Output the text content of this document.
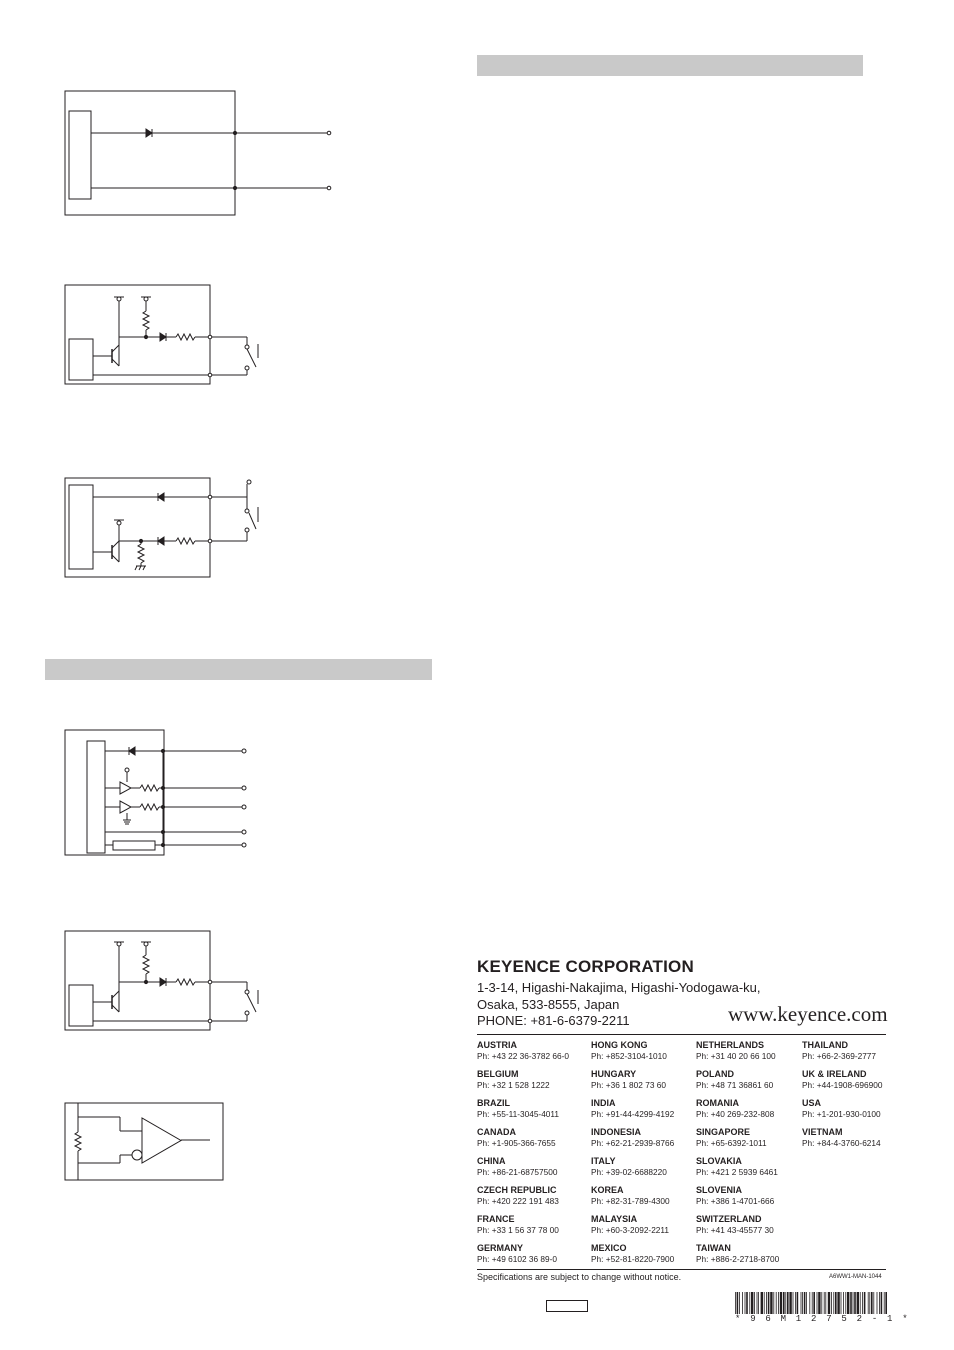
KEYENCE CORPORATION
1-3-14, Higashi-Nakajima, Higashi-Yodogawa-ku,
Osaka, 533-8555, Japan
PHONE: +81-6-6379-2211	www.keyence.com
AUSTRIA
Ph: +43 22 36-3782 66-0
BELGIUM
Ph: +32 1 528 1222
BRAZIL
Ph: +55-11-3045-4011
CANADA
Ph: +1-905-366-7655
CHINA
Ph: +86-21-68757500
CZECH REPUBLIC
Ph: +420 222 191 483
FRANCE
Ph: +33 1 56 37 78 00
GERMANY
Ph: +49 6102 36 89-0
HONG KONG
Ph: +852-3104-1010
HUNGARY
Ph: +36 1 802 73 60
INDIA
Ph: +91-44-4299-4192
INDONESIA
Ph: +62-21-2939-8766
ITALY
Ph: +39-02-6688220
KOREA
Ph: +82-31-789-4300
MALAYSIA
Ph: +60-3-2092-2211
MEXICO
Ph: +52-81-8220-7900
NETHERLANDS
Ph: +31 40 20 66 100
POLAND
Ph: +48 71 36861 60
ROMANIA
Ph: +40 269-232-808
SINGAPORE
Ph: +65-6392-1011
SLOVAKIA
Ph: +421 2 5939 6461
SLOVENIA
Ph: +386 1-4701-666
SWITZERLAND
Ph: +41 43-45577 30
TAIWAN
Ph: +886-2-2718-8700
THAILAND
Ph: +66-2-369-2777
UK & IRELAND
Ph: +44-1908-696900
USA
Ph: +1-201-930-0100
VIETNAM
Ph: +84-4-3760-6214
Specifications are subject to change without notice.	A6WW1-MAN-1044
* 9 6 M 1 2 7 5 2 - 1 *
